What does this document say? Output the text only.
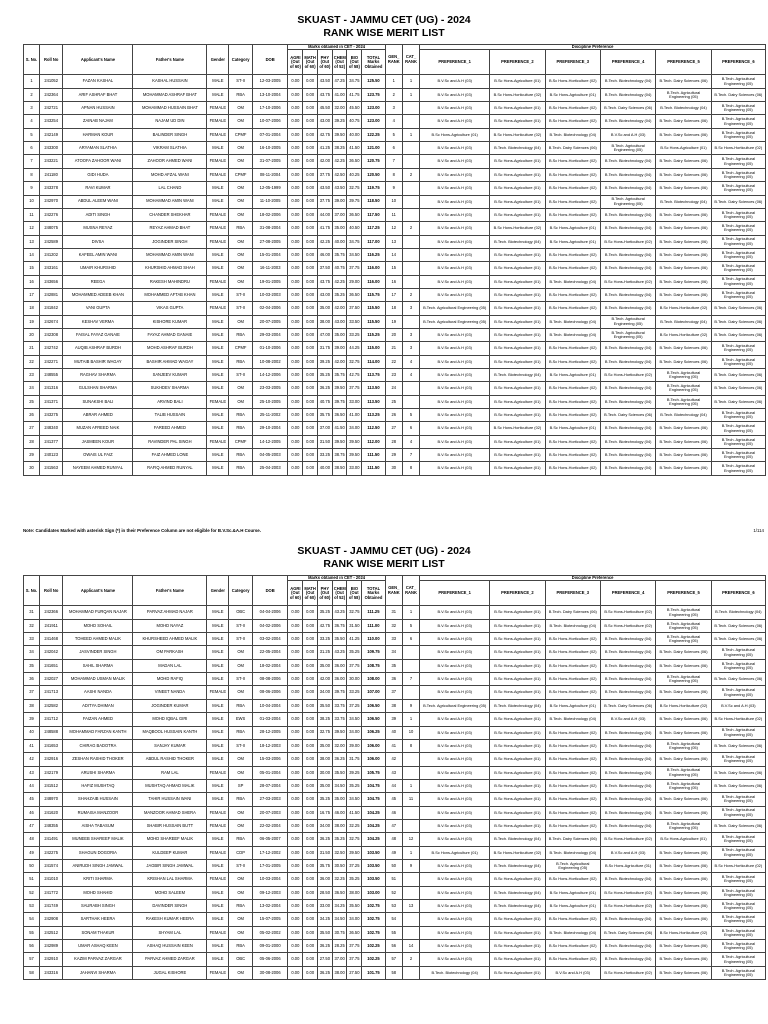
SKUAST - JAMMU CET (UG) - 2024
RANK WISE MERIT LIST
S. No.	Roll No	Applicant's Name	Father's Name	Gender	Category	DOB	Marks obtained in CET - 2024						GEN_ RANK	CAT_ RANK	Discipline Preference					
							AGRI (Out of 60)	MATH (Out of 60)	PHY (Out of 60)	CHEM (Out of 52)	BIO (Out of 58)	TOTAL Marks Obtained			PREFERENCE_1	PREFERENCE_2	PREFERENCE_3	PREFERENCE_4	PREFERENCE_5	PREFERENCE_6
1	241052	FAZAN KASHAL	KASHAL HUSSAIN	MALE	ST-II	12-03-2005	0.00	0.00	43.50	47.25	34.75	125.50	1	1	B.V.Sc and A.H (03)	B.Sc Hons-Agriculture (01)	B.Sc Hons-Horticulture (02)	B.Tech. Biotechnology (04)	B.Tech. Dairy Sciences (06)	B.Tech. Agricultural Engineering (05)
2	242364	ARIF ASHRAF BHAT	MOHAMMAD ASHRAF BHAT	MALE	RBA	13-10-2004	0.00	0.00	43.75	41.00	41.75	123.75	2	1	B.V.Sc and A.H (03)	B.Sc Hons-Horticulture (02)	B.Sc Hons-Agriculture (01)	B.Tech. Biotechnology (04)	B.Tech. Agricultural Engineering (05)	B.Tech. Dairy Sciences (06)
3	242721	APNAN HUSSAIN	MOHAMMAD HUSSAIN BHAT	FEMALE	OM	17-10-2006	0.00	0.00	45.50	32.00	45.50	123.00	3		B.V.Sc and A.H (03)	B.Sc Hons-Agriculture (01)	B.Sc Hons-Horticulture (02)	B.Tech. Dairy Sciences (06)	B.Tech. Biotechnology (04)	B.Tech. Agricultural Engineering (05)
4	243254	ZAINAB NAJAM	NAJAM UD DIN	FEMALE	OM	10-07-2006	0.00	0.00	43.00	39.25	40.75	123.00	4		B.V.Sc and A.H (03)	B.Sc Hons-Agriculture (01)	B.Sc Hons-Horticulture (02)	B.Tech. Biotechnology (04)	B.Tech. Dairy Sciences (06)	B.Tech. Agricultural Engineering (05)
5	242149	HARMAN KOUR	BALINDER SINGH	FEMALE	CPMF	07-01-2004	0.00	0.00	42.75	39.50	40.00	122.25	5	1	B.Sc Hons-Agriculture (01)	B.Sc Hons-Horticulture (02)	B.Tech. Biotechnology (04)	B.V.Sc and A.H (03)	B.Tech. Dairy Sciences (06)	B.Tech. Agricultural Engineering (05)
6	243300	ARYAMAN SLATHIA	VIKRAM SLATHIA	MALE	OM	16-10-2005	0.00	0.00	41.25	38.25	41.50	121.00	6		B.V.Sc and A.H (03)	B.Tech. Biotechnology (04)	B.Tech. Dairy Sciences (06)	B.Tech. Agricultural Engineering (05)	B.Sc Hons-Agriculture (01)	B.Sc Hons-Horticulture (02)
7	243221	ATOOFA ZAHOOR WANI	ZAHOOR AHMED WANI	FEMALE	OM	31-07-2005	0.00	0.00	42.00	42.25	36.50	120.75	7		B.V.Sc and A.H (03)	B.Sc Hons-Agriculture (01)	B.Sc Hons-Horticulture (02)	B.Tech. Biotechnology (04)	B.Tech. Dairy Sciences (06)	B.Tech. Agricultural Engineering (05)
8	241180	GIDI HUDA	MOHD AFZAL WANI	FEMALE	CPMF	08-11-2004	0.00	0.00	37.75	42.50	40.25	120.50	8	2	B.V.Sc and A.H (03)	B.Sc Hons-Agriculture (01)	B.Sc Hons-Horticulture (02)	B.Tech. Biotechnology (04)	B.Tech. Dairy Sciences (06)	B.Tech. Agricultural Engineering (05)
9	243378	RAVI KUMAR	LAL CHAND	MALE	OM	12-05-1999	0.00	0.00	43.50	43.50	32.75	119.75	9		B.V.Sc and A.H (03)	B.Sc Hons-Agriculture (01)	B.Sc Hons-Horticulture (02)	B.Tech. Biotechnology (04)	B.Tech. Dairy Sciences (06)	B.Tech. Agricultural Engineering (05)
10	242970	ABDUL ALEEM WANI	MOHAMMAD AMIN WANI	MALE	OM	11-10-2005	0.00	0.00	37.75	39.00	39.75	118.50	10		B.V.Sc and A.H (03)	B.Sc Hons-Agriculture (01)	B.Sc Hons-Horticulture (02)	B.Tech. Agricultural Engineering (05)	B.Tech. Biotechnology (04)	B.Tech. Dairy Sciences (06)
11	242276	ADITI SINGH	CHANDER SHEKHAR	FEMALE	OM	18-02-2006	0.00	0.00	44.00	37.00	36.50	117.50	11		B.V.Sc and A.H (03)	B.Sc Hons-Agriculture (01)	B.Sc Hons-Horticulture (02)	B.Tech. Biotechnology (04)	B.Tech. Dairy Sciences (06)	B.Tech. Agricultural Engineering (05)
12	248075	MUSNA REYAZ	REYAZ AHMAD BHAT	FEMALE	RBA	31-08-2004	0.00	0.00	41.75	35.00	40.50	117.25	12	2	B.V.Sc and A.H (03)	B.Sc Hons-Horticulture (02)	B.Sc Hons-Agriculture (01)	B.Tech. Biotechnology (04)	B.Tech. Dairy Sciences (06)	B.Tech. Agricultural Engineering (05)
13	242589	DIVSA	JOGINDER SINGH	FEMALE	OM	27-08-2005	0.00	0.00	42.25	40.00	34.75	117.00	13		B.V.Sc and A.H (03)	B.Tech. Biotechnology (04)	B.Sc Hons-Agriculture (01)	B.Sc Hons-Horticulture (02)	B.Tech. Dairy Sciences (06)	B.Tech. Agricultural Engineering (05)
14	241202	KAFEEL AMIN WANI	MOHAMMAD AMIN WANI	MALE	OM	15-01-2004	0.00	0.00	46.00	35.75	34.50	116.25	14		B.V.Sc and A.H (03)	B.Sc Hons-Agriculture (01)	B.Sc Hons-Horticulture (02)	B.Tech. Biotechnology (04)	B.Tech. Dairy Sciences (06)	B.Tech. Agricultural Engineering (05)
15	243161	UMAIR KHURSHID	KHURSHID AHMAD SHAH	MALE	OM	16-11-2003	0.00	0.00	37.50	40.75	37.75	116.00	15		B.V.Sc and A.H (03)	B.Sc Hons-Agriculture (01)	B.Sc Hons-Horticulture (02)	B.Tech. Biotechnology (04)	B.Tech. Dairy Sciences (06)	B.Tech. Agricultural Engineering (05)
16	243656	REEGA	RAKESH MAHINDRU	FEMALE	OM	19-01-2005	0.00	0.00	43.75	42.25	29.00	116.00	16		B.V.Sc and A.H (03)	B.Sc Hons-Agriculture (01)	B.Tech. Biotechnology (04)	B.Sc Hons-Horticulture (02)	B.Tech. Dairy Sciences (06)	B.Tech. Agricultural Engineering (05)
17	242881	MOHAMMED ADEEB KHAN	MOHAMMED AFTAB KHAN	MALE	ST-II	10-03-2003	0.00	0.00	43.00	35.25	36.50	115.75	17	2	B.V.Sc and A.H (03)	B.Sc Hons-Agriculture (01)	B.Sc Hons-Horticulture (02)	B.Tech. Biotechnology (04)	B.Tech. Dairy Sciences (06)	B.Tech. Agricultural Engineering (05)
18	241842	VANI GUPTA	VIKAS GUPTA	FEMALE	ST-II	02-04-2006	0.00	0.00	35.00	42.00	37.50	115.50	18	3	B.Tech. Agricultural Engineering (05)	B.Sc Hons-Agriculture (01)	B.Sc Hons-Horticulture (02)	B.Tech. Biotechnology (04)	B.Sc Hons-Horticulture (02)	B.Tech. Dairy Sciences (06)
19	242674	KESHAV VERMA	KISHORE KUMAR	MALE	OM	20-07-2005	0.00	0.00	38.00	43.00	33.50	115.50	19		B.Tech. Agricultural Engineering (05)	B.Sc Hons-Agriculture (01)	B.Tech. Biotechnology (04)	B.Tech. Agricultural Engineering (05)	B.Tech. Biotechnology (04)	B.Tech. Dairy Sciences (06)
20	242308	FAISAL FAYAZ GANAIE	FAYAZ AHMAD GANAIE	MALE	RBA	29-03-2004	0.00	0.00	47.00	35.00	33.25	115.25	20	3	B.V.Sc and A.H (03)	B.Sc Hons-Agriculture (01)	B.Tech. Biotechnology (04)	B.Tech. Agricultural Engineering (05)	B.Sc Hons-Horticulture (02)	B.Tech. Dairy Sciences (06)
21	242742	AUQIB ASHRAF BURDH	MOHD ASHRAF BURDH	MALE	CPMF	01-10-2006	0.00	0.00	31.75	39.00	44.25	115.00	21	3	B.V.Sc and A.H (03)	B.Sc Hons-Agriculture (01)	B.Sc Hons-Horticulture (02)	B.Tech. Biotechnology (04)	B.Tech. Dairy Sciences (06)	B.Tech. Agricultural Engineering (05)
22	242271	MUTAIB BASHIR WAGAY	BASHIR AHMAD WAGAY	MALE	RBA	10-08-2002	0.00	0.00	39.25	42.00	32.75	114.00	22	4	B.V.Sc and A.H (03)	B.Sc Hons-Agriculture (01)	B.Sc Hons-Horticulture (02)	B.Tech. Biotechnology (04)	B.Tech. Dairy Sciences (06)	B.Tech. Agricultural Engineering (05)
23	248555	RAGHAV SHARMA	SANJEEV KUMAR	MALE	ST-II	14-12-2006	0.00	0.00	35.25	35.75	42.75	113.75	23	4	B.V.Sc and A.H (03)	B.Tech. Biotechnology (04)	B.Sc Hons-Agriculture (01)	B.Sc Hons-Horticulture (02)	B.Tech. Agricultural Engineering (05)	B.Tech. Dairy Sciences (06)
24	241316	GULSHAN SHARMA	SUKHDEV SHARMA	MALE	OM	23-03-2005	0.00	0.00	36.25	39.50	37.75	113.50	24		B.V.Sc and A.H (03)	B.Sc Hons-Agriculture (01)	B.Sc Hons-Horticulture (02)	B.Tech. Biotechnology (04)	B.Tech. Agricultural Engineering (05)	B.Tech. Dairy Sciences (06)
25	241371	SUNAKSHI BALI	ARVIND BALI	FEMALE	OM	25-10-2005	0.00	0.00	40.75	39.75	33.00	113.50	25		B.V.Sc and A.H (03)	B.Sc Hons-Agriculture (01)	B.Sc Hons-Horticulture (02)	B.Tech. Biotechnology (04)	B.Tech. Agricultural Engineering (05)	B.Tech. Dairy Sciences (06)
26	243275	ABRAR AHMED	TALIB HUSSAIN	MALE	RBA	25-11-2002	0.00	0.00	35.75	36.50	41.00	113.25	26	5	B.V.Sc and A.H (03)	B.Sc Hons-Agriculture (01)	B.Sc Hons-Horticulture (02)	B.Tech. Dairy Sciences (06)	B.Tech. Biotechnology (04)	B.Tech. Agricultural Engineering (05)
27	248340	MUZAN AFREED NAIK	FAREED AHMED	MALE	RBA	29-10-2004	0.00	0.00	37.00	41.50	34.00	112.50	27	6	B.V.Sc and A.H (03)	B.Sc Hons-Horticulture (02)	B.Sc Hons-Agriculture (01)	B.Tech. Biotechnology (04)	B.Tech. Dairy Sciences (06)	B.Tech. Agricultural Engineering (05)
28	241377	JASMEEN KOUR	RAVINDER PAL SINGH	FEMALE	CPMF	14-12-2005	0.00	0.00	31.50	39.50	39.50	112.00	28	4	B.V.Sc and A.H (03)	B.Sc Hons-Agriculture (01)	B.Sc Hons-Horticulture (02)	B.Tech. Biotechnology (04)	B.Tech. Dairy Sciences (06)	B.Tech. Agricultural Engineering (05)
29	240123	OWAIS UL FAIZ	FAIZ AHMED LONE	MALE	RBA	04-05-2003	0.00	0.00	33.25	38.75	39.50	111.50	29	7	B.V.Sc and A.H (03)	B.Sc Hons-Agriculture (01)	B.Sc Hons-Horticulture (02)	B.Tech. Biotechnology (04)	B.Tech. Dairy Sciences (06)	B.Tech. Agricultural Engineering (05)
30	241563	NAYEEM AHMED RUNYAL	RAFIQ AHMED RUNYAL	MALE	RBA	25-04-2003	0.00	0.00	40.00	38.50	33.00	111.50	30	8	B.V.Sc and A.H (03)	B.Sc Hons-Agriculture (01)	B.Sc Hons-Horticulture (02)	B.Tech. Biotechnology (04)	B.Tech. Dairy Sciences (06)	B.Tech. Agricultural Engineering (05)
Note: Candidates Marked with asterisk Sign (*) in their Preference Column are not eligible for B.V.Sc.&A.H Course.	1/114
SKUAST - JAMMU CET (UG) - 2024
RANK WISE MERIT LIST
S. No.	Roll No	Applicant's Name	Father's Name	Gender	Category	DOB	Marks obtained in CET - 2024						GEN_ RANK	CAT_ RANK	Discipline Preference					
							AGRI (Out of 60)	MATH (Out of 60)	PHY (Out of 60)	CHEM (Out of 52)	BIO (Out of 58)	TOTAL Marks Obtained			PREFERENCE_1	PREFERENCE_2	PREFERENCE_3	PREFERENCE_4	PREFERENCE_5	PREFERENCE_6
31	242366	MOHAMMAD FURQAN NAJAR	PARVAZ AHMAD NAJAR	MALE	OBC	04-04-2006	0.00	0.00	35.25	43.25	32.75	111.25	31	1	B.V.Sc and A.H (03)	B.Sc Hons-Agriculture (01)	B.Tech. Dairy Sciences (06)	B.Sc Hons-Horticulture (02)	B.Tech. Agricultural Engineering (05)	B.Tech. Biotechnology (04)
32	241911	MOHD SOHAIL	MOHD NAYAZ	MALE	ST-II	04-02-2006	0.00	0.00	42.75	36.75	31.50	111.00	32	5	B.V.Sc and A.H (03)	B.Sc Hons-Agriculture (01)	B.Tech. Biotechnology (04)	B.Sc Hons-Horticulture (02)	B.Tech. Agricultural Engineering (05)	B.Tech. Dairy Sciences (06)
33	241468	TOHEED AHMED MALIK	KHURSHEED AHMED MALIK	MALE	ST-II	03-02-2004	0.00	0.00	33.25	35.50	41.25	110.00	33	6	B.V.Sc and A.H (03)	B.Sc Hons-Agriculture (01)	B.Sc Hons-Horticulture (02)	B.Tech. Biotechnology (04)	B.Tech. Agricultural Engineering (05)	B.Tech. Dairy Sciences (06)
34	242042	JASVINDER SINGH	OM PARKASH	MALE	OM	22-05-2004	0.00	0.00	31.25	43.25	35.25	109.75	34		B.V.Sc and A.H (03)	B.Sc Hons-Agriculture (01)	B.Sc Hons-Horticulture (02)	B.Tech. Biotechnology (04)	B.Tech. Dairy Sciences (06)	B.Tech. Agricultural Engineering (05)
35	241651	SAHIL SHARMA	MADAN LAL	MALE	OM	18-02-2004	0.00	0.00	35.00	36.00	37.75	108.75	35		B.V.Sc and A.H (03)	B.Sc Hons-Agriculture (01)	B.Sc Hons-Horticulture (02)	B.Tech. Biotechnology (04)	B.Tech. Dairy Sciences (06)	B.Tech. Agricultural Engineering (05)
36	242027	MOHAMMAD USMAN MALIK	MOHD RAFIQ	MALE	ST-II	08-08-2006	0.00	0.00	42.00	36.00	30.00	108.00	36	7	B.V.Sc and A.H (03)	B.Sc Hons-Agriculture (01)	B.Sc Hons-Horticulture (02)	B.Tech. Biotechnology (04)	B.Tech. Agricultural Engineering (05)	B.Tech. Dairy Sciences (06)
37	241713	AASHI NANDA	VINEET NANDA	FEMALE	OM	08-06-2006	0.00	0.00	34.00	39.75	33.25	107.00	37		B.V.Sc and A.H (03)	B.Sc Hons-Agriculture (01)	B.Sc Hons-Horticulture (02)	B.Tech. Biotechnology (04)	B.Tech. Dairy Sciences (06)	B.Tech. Agricultural Engineering (05)
38	242582	ADITYA DHIMAN	JOGINDER KUMAR	MALE	RBA	10-04-2004	0.00	0.00	35.50	33.75	37.25	106.50	38	9	B.Tech. Agricultural Engineering (05)	B.Tech. Biotechnology (04)	B.Sc Hons-Agriculture (01)	B.Tech. Dairy Sciences (06)	B.Sc Hons-Horticulture (02)	B.V.Sc and A.H (03)
39	241712	FAIZAN AHMED	MOHD IQBAL GIRI	MALE	EWS	01-03-2004	0.00	0.00	38.25	33.75	34.50	106.50	39	1	B.V.Sc and A.H (03)	B.Sc Hons-Agriculture (01)	B.Tech. Biotechnology (04)	B.V.Sc and A.H (03)	B.Tech. Dairy Sciences (06)	B.Sc Hons-Horticulture (02)
40	248588	MOHAMMAD FARZAN KANTH	MAQBOOL HUSSAIN KANTH	MALE	RBA	28-12-2005	0.00	0.00	32.75	39.50	34.00	106.25	40	10	B.V.Sc and A.H (03)	B.Sc Hons-Agriculture (01)	B.Sc Hons-Horticulture (02)	B.Tech. Biotechnology (04)	B.Tech. Dairy Sciences (06)	B.Tech. Agricultural Engineering (05)
41	241653	CHIRAG BADOTRA	SANJAY KUMAR	MALE	ST-II	18-12-2003	0.00	0.00	35.00	32.00	39.00	106.00	41	8	B.V.Sc and A.H (03)	B.Sc Hons-Agriculture (01)	B.Sc Hons-Horticulture (02)	B.Tech. Biotechnology (04)	B.Tech. Agricultural Engineering (05)	B.Tech. Dairy Sciences (06)
42	242916	ZESHAN RASHID THOKER	ABDUL RASHID THOKER	MALE	OM	15-03-2006	0.00	0.00	38.00	36.25	31.75	106.00	42		B.V.Sc and A.H (03)	B.Sc Hons-Agriculture (01)	B.Sc Hons-Horticulture (02)	B.Tech. Biotechnology (04)	B.Tech. Dairy Sciences (06)	B.Tech. Agricultural Engineering (05)
43	242179	ARUSHI SHARMA	RAM LAL	FEMALE	OM	05-01-2004	0.00	0.00	30.00	35.50	39.25	105.75	43		B.V.Sc and A.H (03)	B.Sc Hons-Agriculture (01)	B.Sc Hons-Horticulture (02)	B.Tech. Biotechnology (04)	B.Tech. Agricultural Engineering (05)	B.Tech. Dairy Sciences (06)
44	241512	HAFIZ MUSHTAQ	MUSHTAQ AHMAD MALIK	MALE	SP	28-07-2004	0.00	0.00	35.00	34.50	35.25	104.75	44	1	B.V.Sc and A.H (03)	B.Sc Hons-Agriculture (01)	B.Sc Hons-Horticulture (02)	B.Tech. Biotechnology (04)	B.Tech. Agricultural Engineering (05)	B.Tech. Dairy Sciences (06)
45	248970	SHAHZAIB HUSSAIN	TAHIR HUSSAIN WANI	MALE	RBA	27-03-2003	0.00	0.00	35.25	35.00	34.50	104.75	45	11	B.V.Sc and A.H (03)	B.Sc Hons-Agriculture (01)	B.Sc Hons-Horticulture (02)	B.Tech. Biotechnology (04)	B.Tech. Dairy Sciences (06)	B.Tech. Agricultural Engineering (05)
46	241620	RUMAISA MANZOOR	MANZOOR AHMAD SHERA	FEMALE	OM	20-07-2003	0.00	0.00	16.75	46.00	41.50	104.25	46		B.V.Sc and A.H (03)	B.Sc Hons-Agriculture (01)	B.Sc Hons-Horticulture (02)	B.Tech. Biotechnology (04)	B.Tech. Dairy Sciences (06)	B.Tech. Agricultural Engineering (05)
47	248355	AISHA TABASUM	SHABIR HUSSAIN BUTT	FEMALE	OM	22-02-2004	0.00	0.00	34.00	38.00	32.25	104.25	47		B.V.Sc and A.H (03)	B.Sc Hons-Agriculture (01)	B.Sc Hons-Horticulture (02)	B.Tech. Biotechnology (04)	B.Tech. Agricultural Engineering (05)	B.Tech. Dairy Sciences (06)
48	241491	MUNEEB SHAREEF MALIK	MOHD SHAREEF MALIK	MALE	RBA	06-05-2007	0.00	0.00	36.25	35.25	32.75	104.25	48	12	B.V.Sc and A.H (03)	B.Tech. Biotechnology (04)	B.Tech. Dairy Sciences (06)	B.Sc Hons-Horticulture (02)	B.Sc Hons-Agriculture (01)	B.Tech. Agricultural Engineering (05)
49	242275	SHAGUN DOGORIA	KULDEEP KUMAR	FEMALE	CDP	17-12-2002	0.00	0.00	31.50	32.50	39.50	103.50	49	1	B.Sc Hons-Agriculture (01)	B.Sc Hons-Horticulture (02)	B.Tech. Biotechnology (04)	B.V.Sc and A.H (03)	B.Tech. Dairy Sciences (06)	B.Tech. Agricultural Engineering (05)
50	241574	ANIRUDH SINGH JAMWAL	JAGBIR SINGH JAMWAL	MALE	ST-II	17-01-2005	0.00	0.00	35.75	30.50	37.25	103.50	50	9	B.V.Sc and A.H (03)	B.Tech. Biotechnology (04)	B.Tech. Agricultural Engineering (05)	B.Sc Hons-Agriculture (01)	B.Tech. Dairy Sciences (06)	B.Sc Hons-Horticulture (02)
51	241010	KRITI SHARMA	KRISHAN LAL SHARMA	FEMALE	OM	10-03-2004	0.00	0.00	36.00	32.25	35.25	103.50	51		B.V.Sc and A.H (03)	B.Sc Hons-Agriculture (01)	B.Sc Hons-Horticulture (02)	B.Tech. Biotechnology (04)	B.Tech. Dairy Sciences (06)	B.Tech. Agricultural Engineering (05)
52	241772	MOHD SHAHID	MOHD SALEEM	MALE	OM	09-12-2003	0.00	0.00	28.50	36.50	38.00	103.00	52		B.V.Sc and A.H (03)	B.Tech. Biotechnology (04)	B.Sc Hons-Agriculture (01)	B.Sc Hons-Horticulture (02)	B.Tech. Dairy Sciences (06)	B.Tech. Agricultural Engineering (05)
53	241749	SAURABH SINGH	DAVINDER SINGH	MALE	RBA	13-02-2004	0.00	0.00	33.00	34.25	35.50	102.75	53	13	B.V.Sc and A.H (03)	B.Tech. Biotechnology (04)	B.Sc Hons-Agriculture (01)	B.Sc Hons-Horticulture (02)	B.Tech. Dairy Sciences (06)	B.Tech. Agricultural Engineering (05)
54	242908	SARTHAK HEERA	RAKESH KUMAR HEERA	MALE	OM	15-07-2005	0.00	0.00	34.25	34.50	34.00	102.75	54		B.V.Sc and A.H (03)	B.Sc Hons-Agriculture (01)	B.Sc Hons-Horticulture (02)	B.Tech. Biotechnology (04)	B.Tech. Dairy Sciences (06)	B.Tech. Agricultural Engineering (05)
55	242512	SONAM THAKUR	SHYAM LAL	FEMALE	OM	05-02-2002	0.00	0.00	35.50	30.75	36.50	102.75	55		B.V.Sc and A.H (03)	B.Sc Hons-Agriculture (01)	B.Tech. Biotechnology (04)	B.Tech. Dairy Sciences (06)	B.Sc Hons-Horticulture (02)	B.Tech. Agricultural Engineering (05)
56	242989	UMAR ASHAQ KEEN	ASHAQ HUSSAIN KEEN	MALE	RBA	09-01-2000	0.00	0.00	36.25	28.25	37.75	102.25	56	14	B.V.Sc and A.H (03)	B.Sc Hons-Agriculture (01)	B.Sc Hons-Horticulture (02)	B.Tech. Biotechnology (04)	B.Tech. Dairy Sciences (06)	B.Tech. Agricultural Engineering (05)
57	242910	KAZIM PARVAZ ZARGAR	PARVAZ AHMED ZARGAR	MALE	OBC	05-06-2006	0.00	0.00	27.50	37.00	37.75	102.25	57	2	B.V.Sc and A.H (03)	B.Sc Hons-Agriculture (01)	B.Sc Hons-Horticulture (02)	B.Tech. Biotechnology (04)	B.Tech. Dairy Sciences (06)	B.Tech. Agricultural Engineering (05)
58	243316	JAHANVI SHARMA	JUGAL KISHORE	FEMALE	OM	30-08-2006	0.00	0.00	36.25	38.00	27.50	101.75	58		B.Tech. Biotechnology (04)	B.Sc Hons-Agriculture (01)	B.V.Sc and A.H (03)	B.Sc Hons-Horticulture (02)	B.Tech. Dairy Sciences (06)	B.Tech. Agricultural Engineering (05)
